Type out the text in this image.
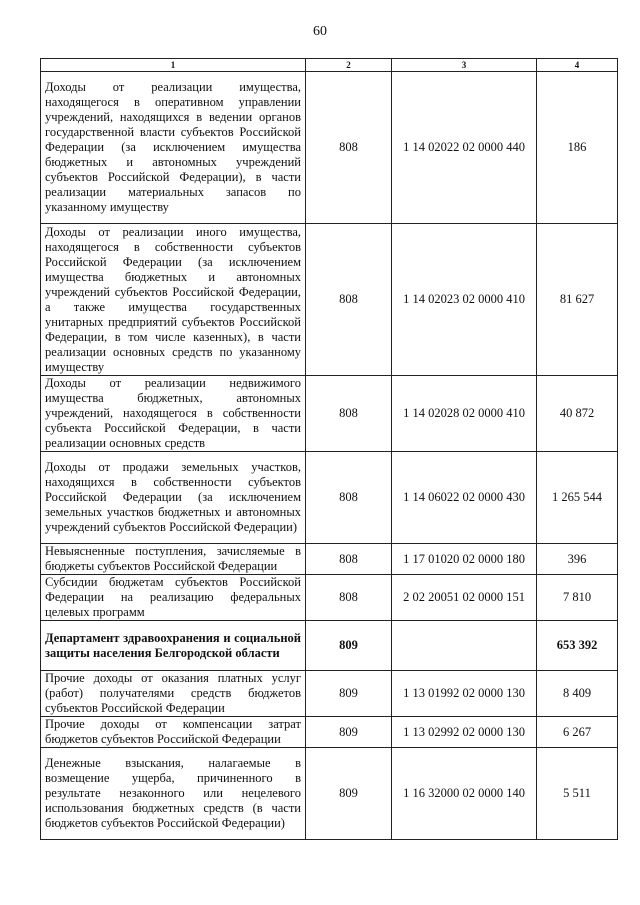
60
1	2	3	4
Доходы от реализации имущества, находящегося в оперативном управлении учреждений, находящихся в ведении органов государственной власти субъектов Российской Федерации (за исключением имущества бюджетных и автономных учреждений субъектов Российской Федерации), в части реализации материальных запасов по указанному имуществу	808	1 14 02022 02 0000 440	186
Доходы от реализации иного имущества, находящегося в собственности субъектов Российской Федерации (за исключением имущества бюджетных и автономных учреждений субъектов Российской Федерации, а также имущества государственных унитарных предприятий субъектов Российской Федерации, в том числе казенных), в части реализации основных средств по указанному имуществу	808	1 14 02023 02 0000 410	81 627
Доходы от реализации недвижимого имущества бюджетных, автономных учреждений, находящегося в собственности субъекта Российской Федерации, в части реализации основных средств	808	1 14 02028 02 0000 410	40 872
Доходы от продажи земельных участков, находящихся в собственности субъектов Российской Федерации (за исключением земельных участков бюджетных и автономных учреждений субъектов Российской Федерации)	808	1 14 06022 02 0000 430	1 265 544
Невыясненные поступления, зачисляемые в бюджеты субъектов Российской Федерации	808	1 17 01020 02 0000 180	396
Субсидии бюджетам субъектов Российской Федерации на реализацию федеральных целевых программ	808	2 02 20051 02 0000 151	7 810
Департамент здравоохранения и социальной защиты населения Белгородской области	809		653 392
Прочие доходы от оказания платных услуг (работ) получателями средств бюджетов субъектов Российской Федерации	809	1 13 01992 02 0000 130	8 409
Прочие доходы от компенсации затрат бюджетов субъектов Российской Федерации	809	1 13 02992 02 0000 130	6 267
Денежные взыскания, налагаемые в возмещение ущерба, причиненного в результате незаконного или нецелевого использования бюджетных средств (в части бюджетов субъектов Российской Федерации)	809	1 16 32000 02 0000 140	5 511
